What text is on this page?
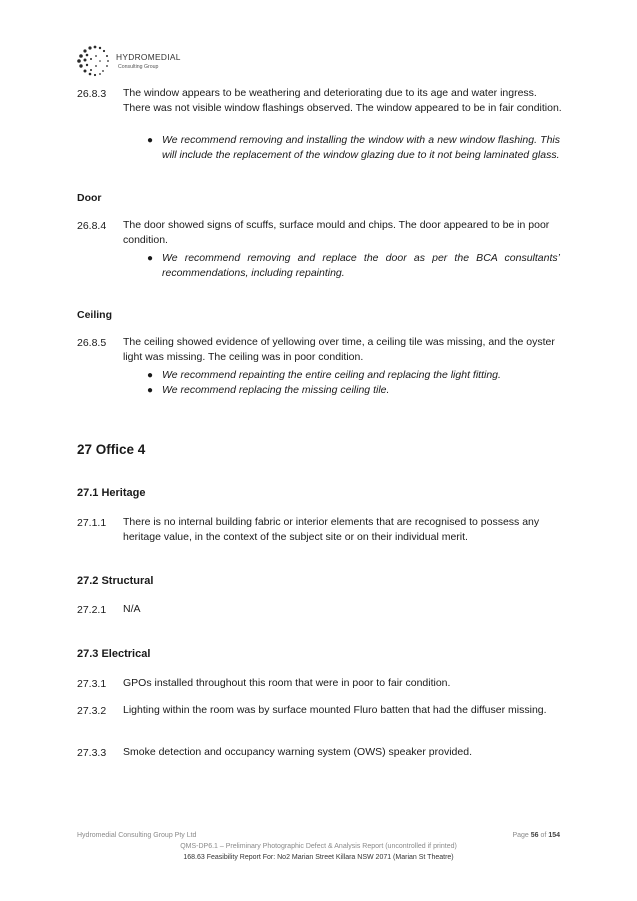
HYDROMEDIAL
Consulting Group
26.8.3 The window appears to be weathering and deteriorating due to its age and water ingress. There was not visible window flashings observed. The window appeared to be in fair condition.
● We recommend removing and installing the window with a new window flashing. This will include the replacement of the window glazing due to it not being laminated glass.
Door
26.8.4 The door showed signs of scuffs, surface mould and chips. The door appeared to be in poor condition.
● We recommend removing and replace the door as per the BCA consultants’ recommendations, including repainting.
Ceiling
26.8.5 The ceiling showed evidence of yellowing over time, a ceiling tile was missing, and the oyster light was missing. The ceiling was in poor condition.
● We recommend repainting the entire ceiling and replacing the light fitting.
● We recommend replacing the missing ceiling tile.
27 Office 4
27.1 Heritage
27.1.1 There is no internal building fabric or interior elements that are recognised to possess any heritage value, in the context of the subject site or on their individual merit.
27.2 Structural
27.2.1 N/A
27.3 Electrical
27.3.1 GPOs installed throughout this room that were in poor to fair condition.
27.3.2 Lighting within the room was by surface mounted Fluro batten that had the diffuser missing.
27.3.3 Smoke detection and occupancy warning system (OWS) speaker provided.
Hydromedial Consulting Group Pty Ltd	Page 56 of 154
QMS-DP6.1 – Preliminary Photographic Defect & Analysis Report (uncontrolled if printed)
168.63 Feasibility Report For: No2 Marian Street Killara NSW 2071 (Marian St Theatre)
